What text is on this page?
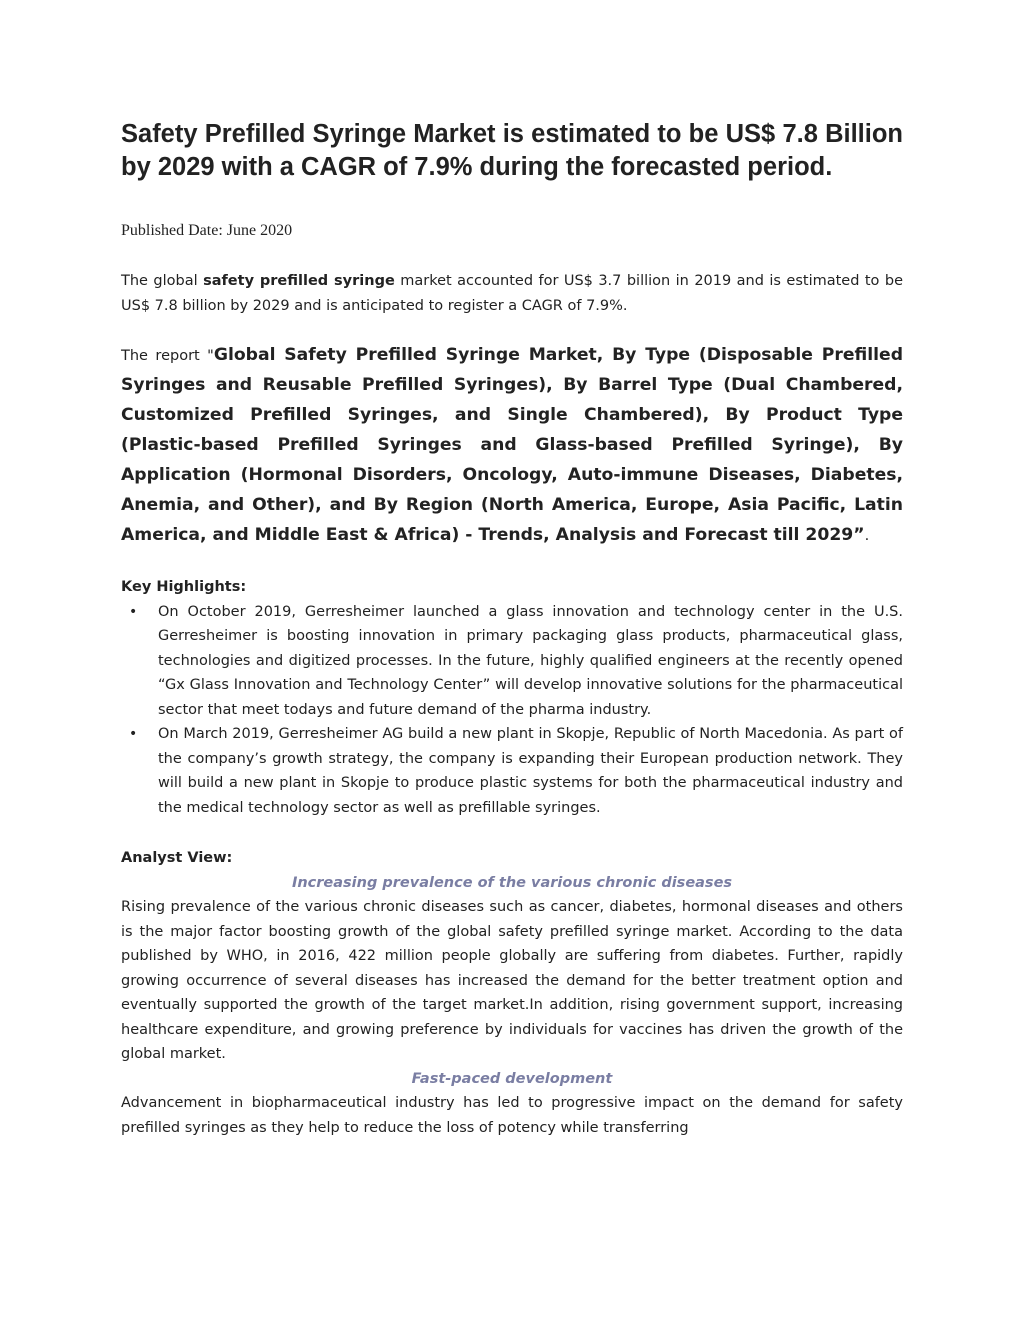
Safety Prefilled Syringe Market is estimated to be US$ 7.8 Billion by 2029 with a CAGR of 7.9% during the forecasted period.
Published Date: June 2020

The global safety prefilled syringe market accounted for US$ 3.7 billion in 2019 and is estimated to be US$ 7.8 billion by 2029 and is anticipated to register a CAGR of 7.9%.

The report "Global Safety Prefilled Syringe Market, By Type (Disposable Prefilled Syringes and Reusable Prefilled Syringes), By Barrel Type (Dual Chambered, Customized Prefilled Syringes, and Single Chambered), By Product Type (Plastic-based Prefilled Syringes and Glass-based Prefilled Syringe), By Application (Hormonal Disorders, Oncology, Auto-immune Diseases, Diabetes, Anemia, and Other), and By Region (North America, Europe, Asia Pacific, Latin America, and Middle East & Africa) - Trends, Analysis and Forecast till 2029”.

Key Highlights:
• On October 2019, Gerresheimer launched a glass innovation and technology center in the U.S. Gerresheimer is boosting innovation in primary packaging glass products, pharmaceutical glass, technologies and digitized processes. In the future, highly qualified engineers at the recently opened “Gx Glass Innovation and Technology Center” will develop innovative solutions for the pharmaceutical sector that meet todays and future demand of the pharma industry.
• On March 2019, Gerresheimer AG build a new plant in Skopje, Republic of North Macedonia. As part of the company’s growth strategy, the company is expanding their European production network. They will build a new plant in Skopje to produce plastic systems for both the pharmaceutical industry and the medical technology sector as well as prefillable syringes.
Analyst View:
Increasing prevalence of the various chronic diseases
Rising prevalence of the various chronic diseases such as cancer, diabetes, hormonal diseases and others is the major factor boosting growth of the global safety prefilled syringe market. According to the data published by WHO, in 2016, 422 million people globally are suffering from diabetes. Further, rapidly growing occurrence of several diseases has increased the demand for the better treatment option and eventually supported the growth of the target market.In addition, rising government support, increasing healthcare expenditure, and growing preference by individuals for vaccines has driven the growth of the global market.
Fast-paced development
Advancement in biopharmaceutical industry has led to progressive impact on the demand for safety prefilled syringes as they help to reduce the loss of potency while transferring
